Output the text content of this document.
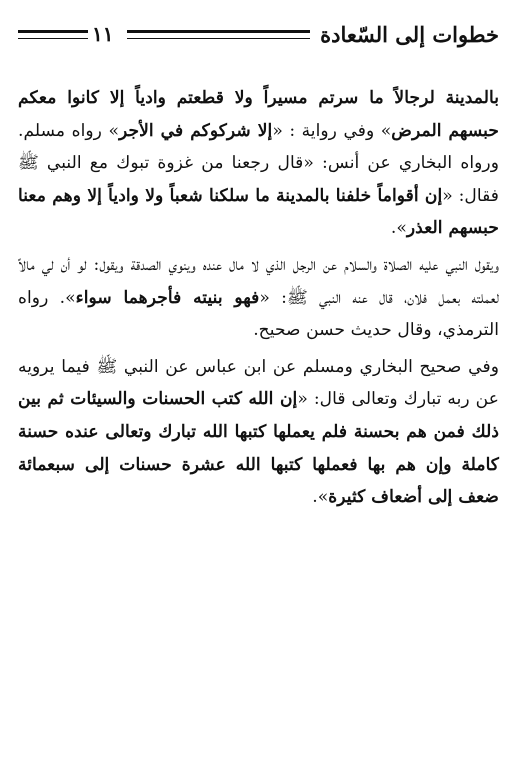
خطوات إلى السّعادة
١١

بالمدينة لرجالاً ما سرتم مسيراً ولا قطعتم وادياً إلا كانوا معكم حبسهم المرض» وفي رواية : «إلا شركوكم في الأجر» رواه مسلم. ورواه البخاري عن أنس: «قال رجعنا من غزوة تبوك مع النبي ﷺ فقال: «إن أقواماً خلفنا بالمدينة ما سلكنا شعباً ولا وادياً إلا وهم معنا حبسهم العذر».

ويقول النبي عليه الصلاة والسلام عن الرجل الذي لا مال عنده وينوي الصدقة ويقول: لو أن لي مالاً لعملته بعمل فلان، قال عنه النبي ﷺ: «فهو بنيته فأجرهما سواء». رواه الترمذي، وقال حديث حسن صحيح.

وفي صحيح البخاري ومسلم عن ابن عباس عن النبي ﷺ فيما يرويه عن ربه تبارك وتعالى قال: «إن الله كتب الحسنات والسيئات ثم بين ذلك فمن هم بحسنة فلم يعملها كتبها الله تبارك وتعالى عنده حسنة كاملة وإن هم بها فعملها كتبها الله عشرة حسنات إلى سبعمائة ضعف إلى أضعاف كثيرة».
